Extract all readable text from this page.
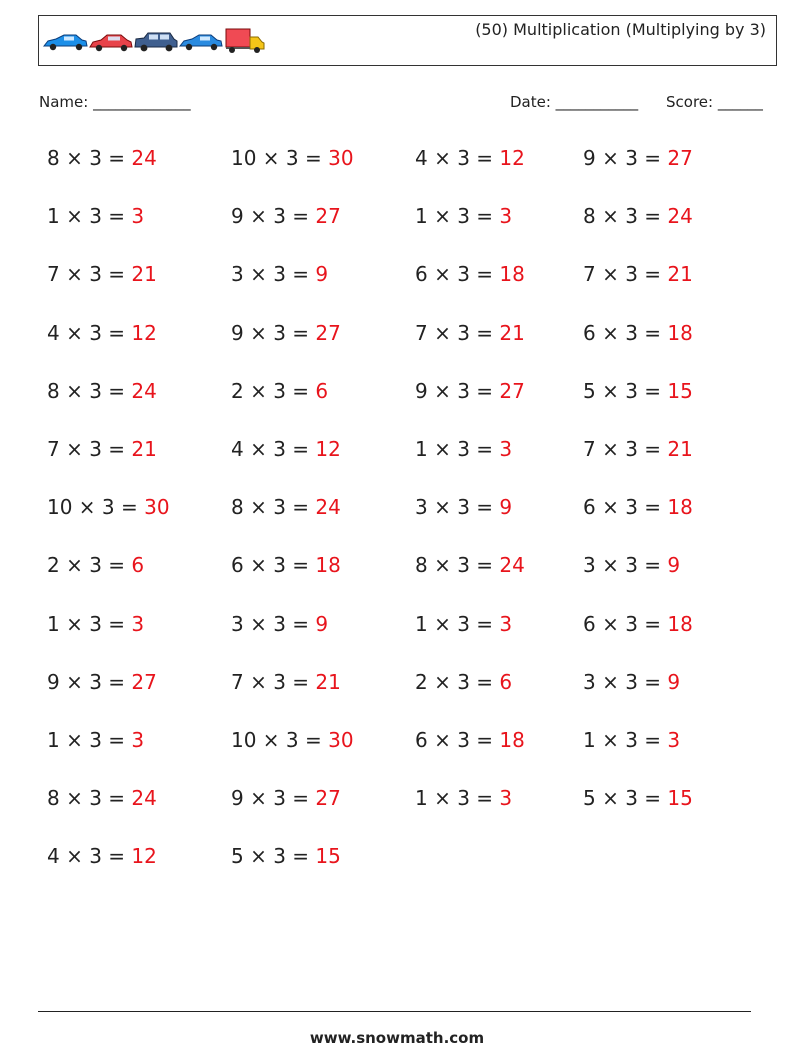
(50) Multiplication (Multiplying by 3)
Name: _____________	Date: ___________ Score: ______
8 × 3 = 24
1 × 3 = 3
7 × 3 = 21
4 × 3 = 12
8 × 3 = 24
7 × 3 = 21
10 × 3 = 30
2 × 3 = 6
1 × 3 = 3
9 × 3 = 27
1 × 3 = 3
8 × 3 = 24
4 × 3 = 12
10 × 3 = 30
9 × 3 = 27
3 × 3 = 9
9 × 3 = 27
2 × 3 = 6
4 × 3 = 12
8 × 3 = 24
6 × 3 = 18
3 × 3 = 9
7 × 3 = 21
10 × 3 = 30
9 × 3 = 27
5 × 3 = 15
4 × 3 = 12
1 × 3 = 3
6 × 3 = 18
7 × 3 = 21
9 × 3 = 27
1 × 3 = 3
3 × 3 = 9
8 × 3 = 24
1 × 3 = 3
2 × 3 = 6
6 × 3 = 18
1 × 3 = 3
9 × 3 = 27
8 × 3 = 24
7 × 3 = 21
6 × 3 = 18
5 × 3 = 15
7 × 3 = 21
6 × 3 = 18
3 × 3 = 9
6 × 3 = 18
3 × 3 = 9
1 × 3 = 3
5 × 3 = 15
www.snowmath.com
